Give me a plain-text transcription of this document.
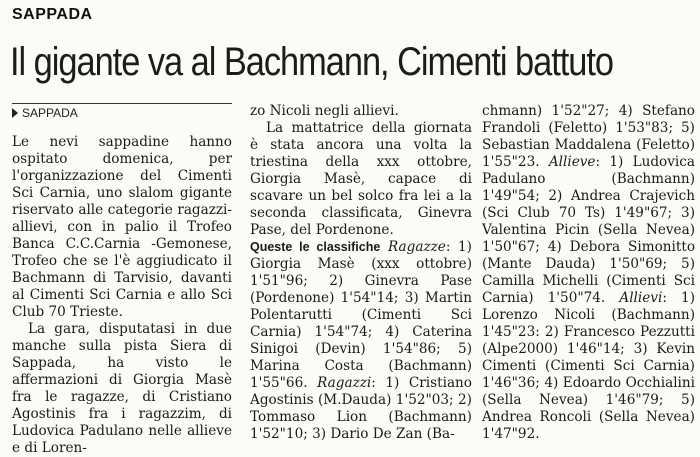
SAPPADA
Il gigante va al Bachmann, Cimenti battuto
SAPPADA

Le nevi sappadine hanno ospitato domenica, per l'organizzazione del Cimenti Sci Carnia, uno slalom gigante riservato alle categorie ragazzi-allievi, con in palio il Trofeo Banca C.C.Carnia -Gemonese, Trofeo che se l'è aggiudicato il Bachmann di Tarvisio, davanti al Cimenti Sci Carnia e allo Sci Club 70 Trieste.

La gara, disputatasi in due manche sulla pista Siera di Sappada, ha visto le affermazioni di Giorgia Masè fra le ragazze, di Cristiano Agostinis fra i ragazzim, di Ludovica Padulano nelle allieve e di Loren-

zo Nicoli negli allievi.

La mattatrice della giornata è stata ancora una volta la triestina della xxx ottobre, Giorgia Masè, capace di scavare un bel solco fra lei a la seconda classificata, Ginevra Pase, del Pordenone.

Queste le classifiche Ragazze: 1) Giorgia Masè (xxx ottobre) 1'51"96; 2) Ginevra Pase (Pordenone) 1'54"14; 3) Martin Polentarutti (Cimenti Sci Carnia) 1'54"74; 4) Caterina Sinigoi (Devin) 1'54"86; 5) Marina Costa (Bachmann) 1'55"66. Ragazzi: 1) Cristiano Agostinis (M.Dauda) 1'52"03; 2) Tommaso Lion (Bachmann) 1'52"10; 3) Dario De Zan (Ba-

chmann) 1'52"27; 4) Stefano Frandoli (Feletto) 1'53"83; 5) Sebastian Maddalena (Feletto) 1'55"23. Allieve: 1) Ludovica Padulano (Bachmann) 1'49"54; 2) Andrea Crajevich (Sci Club 70 Ts) 1'49"67; 3) Valentina Picin (Sella Nevea) 1'50"67; 4) Debora Simonitto (Mante Dauda) 1'50"69; 5) Camilla Michelli (Cimenti Sci Carnia) 1'50"74. Allievi: 1) Lorenzo Nicoli (Bachmann) 1'45"23: 2) Francesco Pezzutti (Alpe2000) 1'46"14; 3) Kevin Cimenti (Cimenti Sci Carnia) 1'46"36; 4) Edoardo Occhialini (Sella Nevea) 1'46"79; 5) Andrea Roncoli (Sella Nevea) 1'47"92.
